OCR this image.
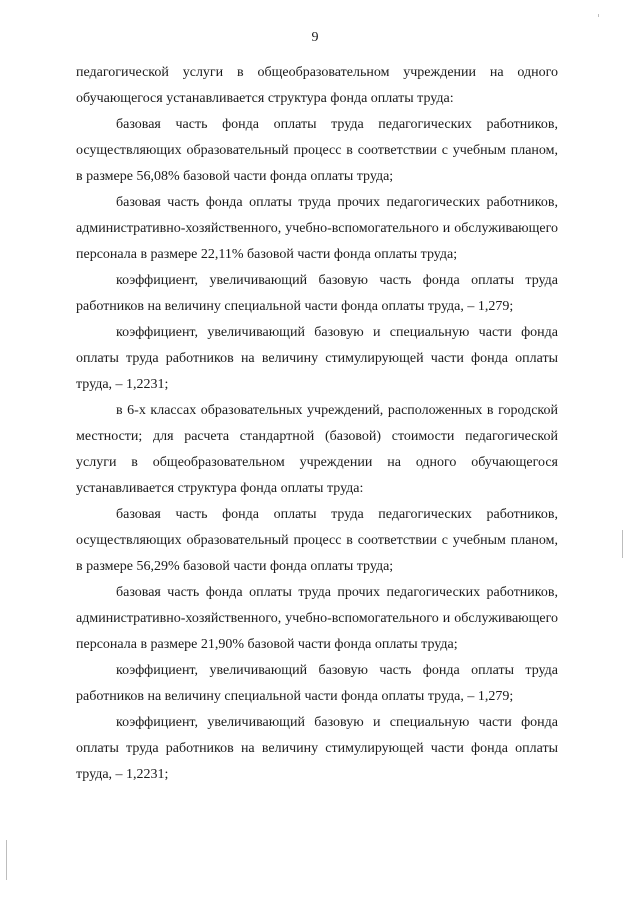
9

педагогической услуги в общеобразовательном учреждении на одного обучающегося устанавливается структура фонда оплаты труда:

базовая часть фонда оплаты труда педагогических работников, осуществляющих образовательный процесс в соответствии с учебным планом, в размере 56,08% базовой части фонда оплаты труда;

базовая часть фонда оплаты труда прочих педагогических работников, административно-хозяйственного, учебно-вспомогательного и обслуживающего персонала в размере 22,11% базовой части фонда оплаты труда;

коэффициент, увеличивающий базовую часть фонда оплаты труда работников на величину специальной части фонда оплаты труда, – 1,279;

коэффициент, увеличивающий базовую и специальную части фонда оплаты труда работников на величину стимулирующей части фонда оплаты труда, – 1,2231;

в 6-х классах образовательных учреждений, расположенных в городской местности; для расчета стандартной (базовой) стоимости педагогической услуги в общеобразовательном учреждении на одного обучающегося устанавливается структура фонда оплаты труда:

базовая часть фонда оплаты труда педагогических работников, осуществляющих образовательный процесс в соответствии с учебным планом, в размере 56,29% базовой части фонда оплаты труда;

базовая часть фонда оплаты труда прочих педагогических работников, административно-хозяйственного, учебно-вспомогательного и обслуживающего персонала в размере 21,90% базовой части фонда оплаты труда;

коэффициент, увеличивающий базовую часть фонда оплаты труда работников на величину специальной части фонда оплаты труда, – 1,279;

коэффициент, увеличивающий базовую и специальную части фонда оплаты труда работников на величину стимулирующей части фонда оплаты труда, – 1,2231;
